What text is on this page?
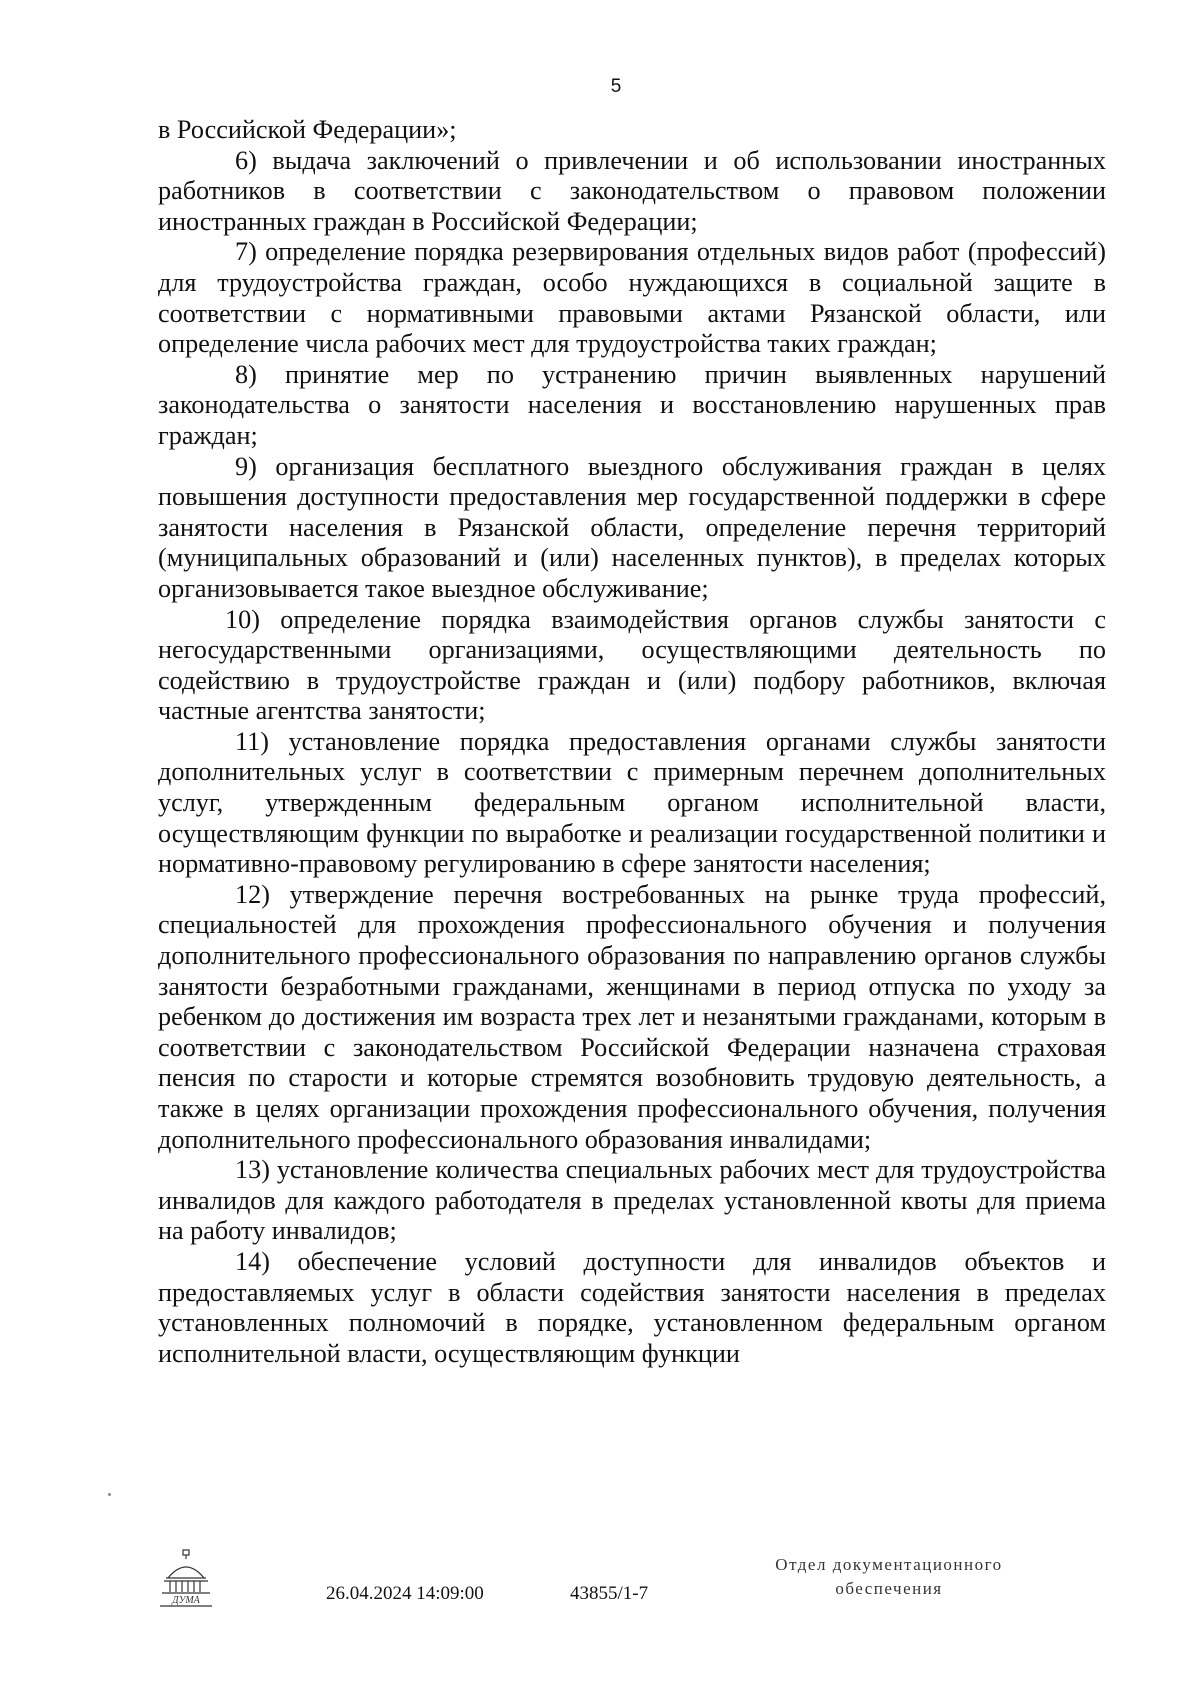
5

в Российской Федерации»;

6) выдача заключений о привлечении и об использовании иностранных работников в соответствии с законодательством о правовом положении иностранных граждан в Российской Федерации;

7) определение порядка резервирования отдельных видов работ (профессий) для трудоустройства граждан, особо нуждающихся в социальной защите в соответствии с нормативными правовыми актами Рязанской области, или определение числа рабочих мест для трудоустройства таких граждан;

8) принятие мер по устранению причин выявленных нарушений законодательства о занятости населения и восстановлению нарушенных прав граждан;

9) организация бесплатного выездного обслуживания граждан в целях повышения доступности предоставления мер государственной поддержки в сфере занятости населения в Рязанской области, определение перечня территорий (муниципальных образований и (или) населенных пунктов), в пределах которых организовывается такое выездное обслуживание;

10) определение порядка взаимодействия органов службы занятости с негосударственными организациями, осуществляющими деятельность по содействию в трудоустройстве граждан и (или) подбору работников, включая частные агентства занятости;

11) установление порядка предоставления органами службы занятости дополнительных услуг в соответствии с примерным перечнем дополнительных услуг, утвержденным федеральным органом исполнительной власти, осуществляющим функции по выработке и реализации государственной политики и нормативно-правовому регулированию в сфере занятости населения;

12) утверждение перечня востребованных на рынке труда профессий, специальностей для прохождения профессионального обучения и получения дополнительного профессионального образования по направлению органов службы занятости безработными гражданами, женщинами в период отпуска по уходу за ребенком до достижения им возраста трех лет и незанятыми гражданами, которым в соответствии с законодательством Российской Федерации назначена страховая пенсия по старости и которые стремятся возобновить трудовую деятельность, а также в целях организации прохождения профессионального обучения, получения дополнительного профессионального образования инвалидами;

13) установление количества специальных рабочих мест для трудоустройства инвалидов для каждого работодателя в пределах установленной квоты для приема на работу инвалидов;

14) обеспечение условий доступности для инвалидов объектов и предоставляемых услуг в области содействия занятости населения в пределах установленных полномочий в порядке, установленном федеральным органом исполнительной власти, осуществляющим функции

ДУМА	26.04.2024 14:09:00	43855/1-7
Отдел документационного
обеспечения
